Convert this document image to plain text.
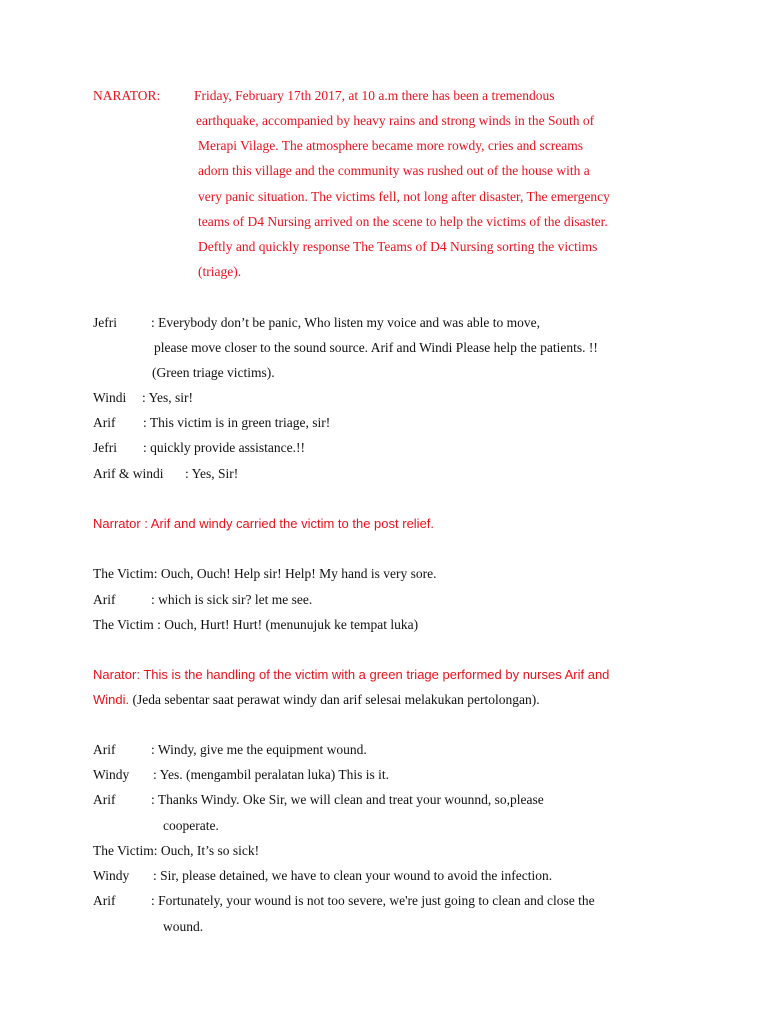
NARATOR: Friday, February 17th 2017, at 10 a.m there has been a tremendous
earthquake, accompanied by heavy rains and strong winds in the South of
Merapi Vilage. The atmosphere became more rowdy, cries and screams
adorn this village and the community was rushed out of the house with a
very panic situation. The victims fell, not long after disaster, The emergency
teams of D4 Nursing arrived on the scene to help the victims of the disaster.
Deftly and quickly response The Teams of D4 Nursing sorting the victims
(triage).
Jefri	: Everybody don’t be panic, Who listen my voice and was able to move,
please move closer to the sound source. Arif and Windi Please help the patients. !!
(Green triage victims).
Windi : Yes, sir!
Arif : This victim is in green triage, sir!
Jefri : quickly provide assistance.!!
Arif & windi : Yes, Sir!
Narrator : Arif and windy carried the victim to the post relief.
The Victim: Ouch, Ouch! Help sir! Help! My hand is very sore.
Arif	: which is sick sir? let me see.
The Victim : Ouch, Hurt! Hurt! (menunujuk ke tempat luka)
Narator: This is the handling of the victim with a green triage performed by nurses Arif and
Windi. (Jeda sebentar saat perawat windy dan arif selesai melakukan pertolongan).
Arif	: Windy, give me the equipment wound.
Windy : Yes. (mengambil peralatan luka) This is it.
Arif	: Thanks Windy. Oke Sir, we will clean and treat your wounnd, so,please
cooperate.
The Victim: Ouch, It’s so sick!
Windy : Sir, please detained, we have to clean your wound to avoid the infection.
Arif	: Fortunately, your wound is not too severe, we're just going to clean and close the
wound.
